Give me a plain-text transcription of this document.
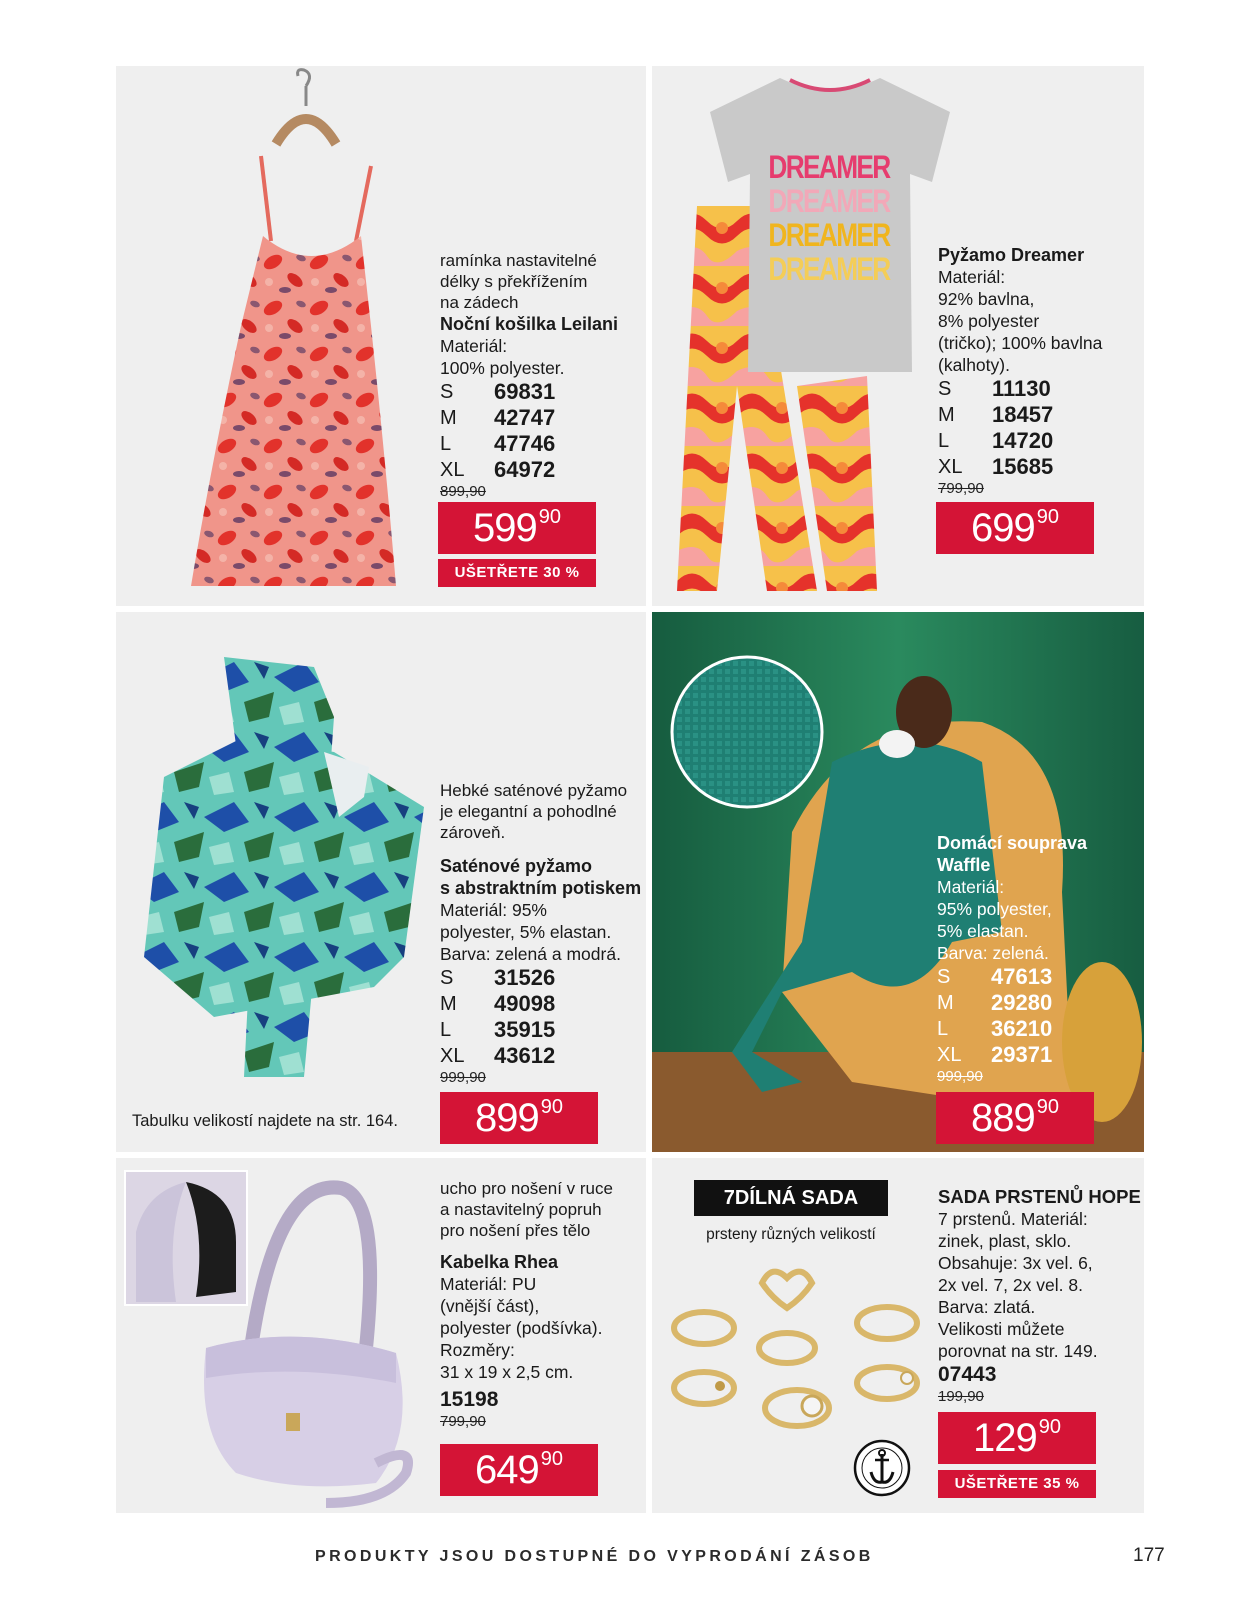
ramínka nastavitelné

délky s překřížením

na zádech

Noční košilka Leilani

Materiál:

100% polyester.

S	69831
M	42747
L	47746
XL	64972

899,90

599 90
UŠETŘETE 30 %
DREAMER
DREAMER
DREAMER
DREAMER	Pyžamo Dreamer

Materiál:

92% bavlna,

8% polyester

(tričko); 100% bavlna

(kalhoty).

S	11130
M	18457
L	14720
XL	15685

799,90

699 90

Hebké saténové pyžamo

je elegantní a pohodlné

zároveň.

Saténové pyžamo

s abstraktním potiskem

Materiál: 95%

polyester, 5% elastan.

Barva: zelená a modrá.

S	31526
M	49098
L	35915
XL	43612

999,90

899 90
Tabulku velikostí najdete na str. 164.

Domácí souprava

Waffle

Materiál:

95% polyester,

5% elastan.

Barva: zelená.

S	47613
M	29280
L	36210
XL	29371

999,90

889 90

ucho pro nošení v ruce

a nastavitelný popruh

pro nošení přes tělo

Kabelka Rhea

Materiál: PU

(vnější část),

polyester (podšívka).

Rozměry:

31 x 19 x 2,5 cm.

15198

799,90

649 90
7DÍLNÁ SADA
prsteny různých velikostí

SADA PRSTENŮ HOPE

7 prstenů. Materiál:

zinek, plast, sklo.

Obsahuje: 3x vel. 6,

2x vel. 7, 2x vel. 8.

Barva: zlatá.

Velikosti můžete

porovnat na str. 149.

07443

199,90

129 90
UŠETŘETE 35 %
PRODUKTY JSOU DOSTUPNÉ DO VYPRODÁNÍ ZÁSOB	177
